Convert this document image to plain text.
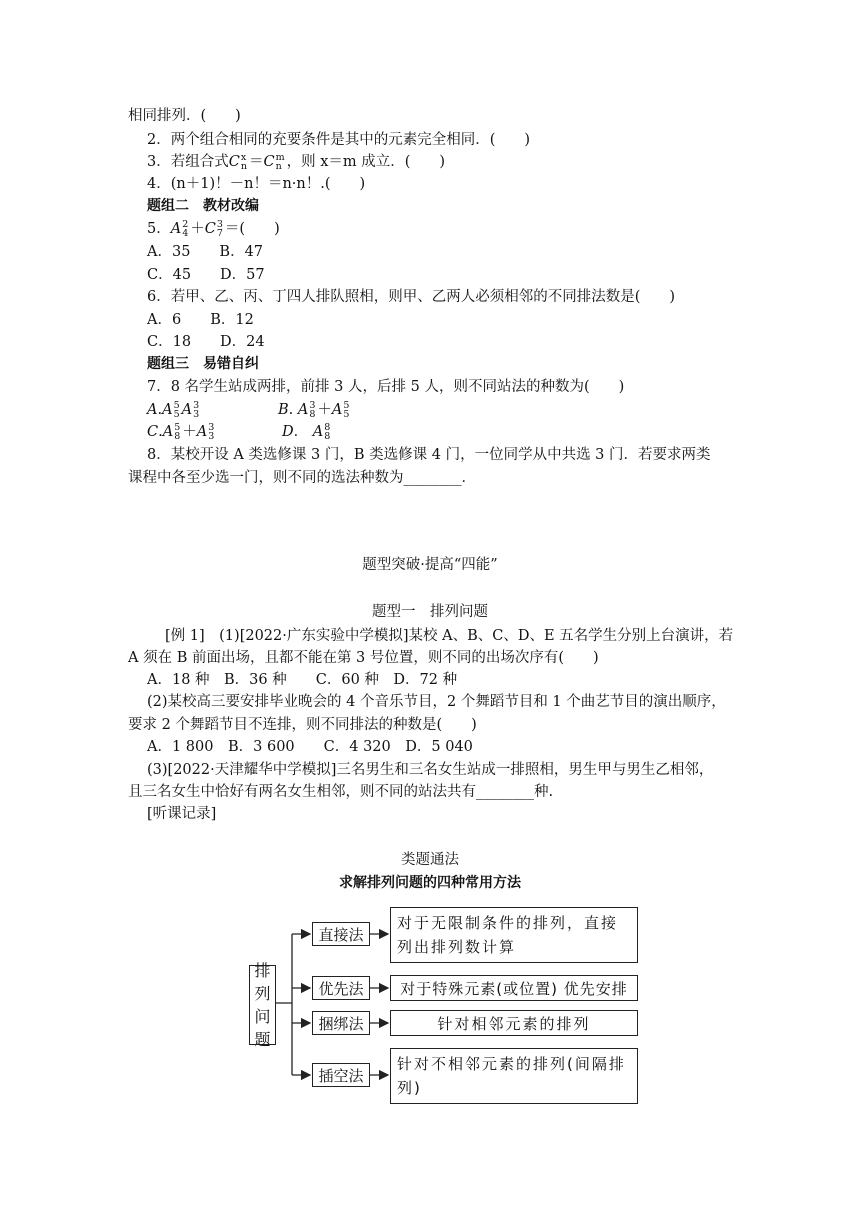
相同排列．(　　)
2．两个组合相同的充要条件是其中的元素完全相同．(　　)
3．若组合式C x
n ＝C m
n ，则 x＝m 成立．(　　)
4．(n＋1)！－n！＝n·n！.(　　)
题组二　教材改编
5．A 2
4 ＋C 3
7 ＝(　　)
A．35　　B．47
C．45　　D．57
6．若甲、乙、丙、丁四人排队照相，则甲、乙两人必须相邻的不同排法数是(　　)
A．6　　B．12
C．18　　D．24
题组三　易错自纠
7．8 名学生站成两排，前排 3 人，后排 5 人，则不同站法的种数为(　　)
A.A 5
5 A 3
3	B. A 3
8 ＋A 5
5
C.A 5
8 ＋A 3
3	D． A 8
8
8．某校开设 A 类选修课 3 门，B 类选修课 4 门，一位同学从中共选 3 门．若要求两类
课程中各至少选一门，则不同的选法种数为________．
题型突破·提高“四能”
题型一　排列问题
[例 1]　(1)[2022·广东实验中学模拟]某校 A、B、C、D、E 五名学生分别上台演讲，若
A 须在 B 前面出场，且都不能在第 3 号位置，则不同的出场次序有(　　)
A．18 种　B．36 种　　C．60 种　D．72 种
(2)某校高三要安排毕业晚会的 4 个音乐节目，2 个舞蹈节目和 1 个曲艺节目的演出顺序，
要求 2 个舞蹈节目不连排，则不同排法的种数是(　　)
A．1 800　B．3 600　　C．4 320　D．5 040
(3)[2022·天津耀华中学模拟]三名男生和三名女生站成一排照相，男生甲与男生乙相邻，
且三名女生中恰好有两名女生相邻，则不同的站法共有________种.
[听课记录]
类题通法
求解排列问题的四种常用方法
排
列
问
题
直接法
对于无限制条件的排列，直接列出排列数计算
优先法	对于特殊元素(或位置) 优先安排
捆绑法	针对相邻元素的排列
插空法
针对不相邻元素的排列(间隔排列)
